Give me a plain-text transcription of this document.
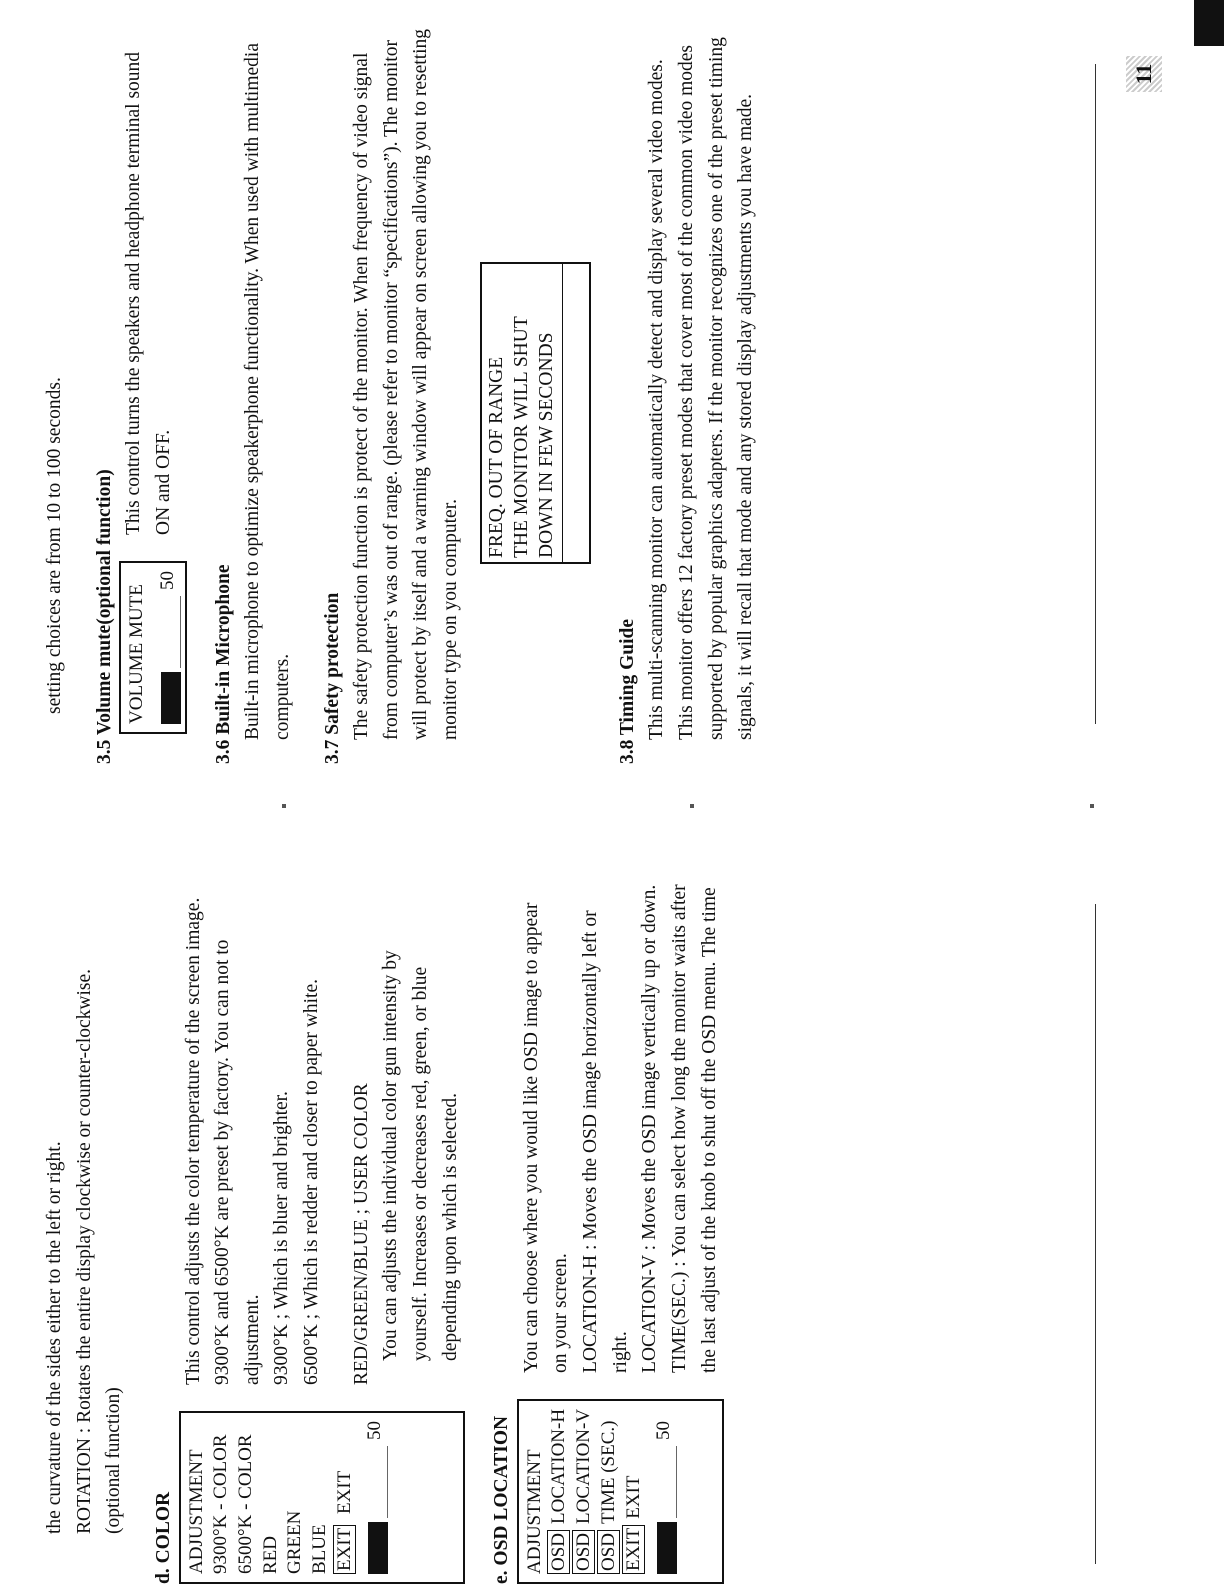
11

the curvature of the sides either to the left or right. ROTATION : Rotates the entire display clockwise or counter-clockwise. (optional function)

d. COLOR ADJUSTMENT 9300°K - COLOR 6500°K - COLOR RED GREEN BLUE EXIT EXIT
50

This control adjusts the color temperature of the screen image. 9300°K and 6500°K are preset by factory. You can not to adjustment. 9300°K ; Which is bluer and brighter. 6500°K ; Which is redder and closer to paper white. RED/GREEN/BLUE ; USER COLOR You can adjusts the individual color gun intensity by yourself. Increases or decreases red, green, or blue depending upon which is selected.

e. OSD LOCATION ADJUSTMENT OSDLOCATION-H
OSDLOCATION-V
OSDTIME (SEC.)
EXITEXIT
50

You can choose where you would like OSD image to appear on your screen. LOCATION-H : Moves the OSD image horizontally left or right. LOCATION-V : Moves the OSD image vertically up or down. TIME(SEC.) : You can select how long the monitor waits after the last adjust of the knob to shut off the OSD menu. The time

setting choices are from 10 to 100 seconds. 3.5 Volume mute(optional function) VOLUME MUTE
50

This control turns the speakers and headphone terminal sound ON and OFF.

3.6 Built-in Microphone Built-in microphone to optimize speakerphone functionality. When used with multimedia computers. 3.7 Safety protection The safety protection function is protect of the monitor. When frequency of video signal from computer’s was out of range. (please refer to monitor “specifications”). The monitor will protect by itself and a warning window will appear on screen allowing you to resetting monitor type on you computer.

FREQ. OUT OF RANGE THE MONITOR WILL SHUT DOWN IN FEW SECONDS
3.8 Timing Guide This multi-scanning monitor can automatically detect and display several video modes. This monitor offers 12 factory preset modes that cover most of the common video modes supported by popular graphics adapters. If the monitor recognizes one of the preset timing signals, it will recall that mode and any stored display adjustments you have made.
